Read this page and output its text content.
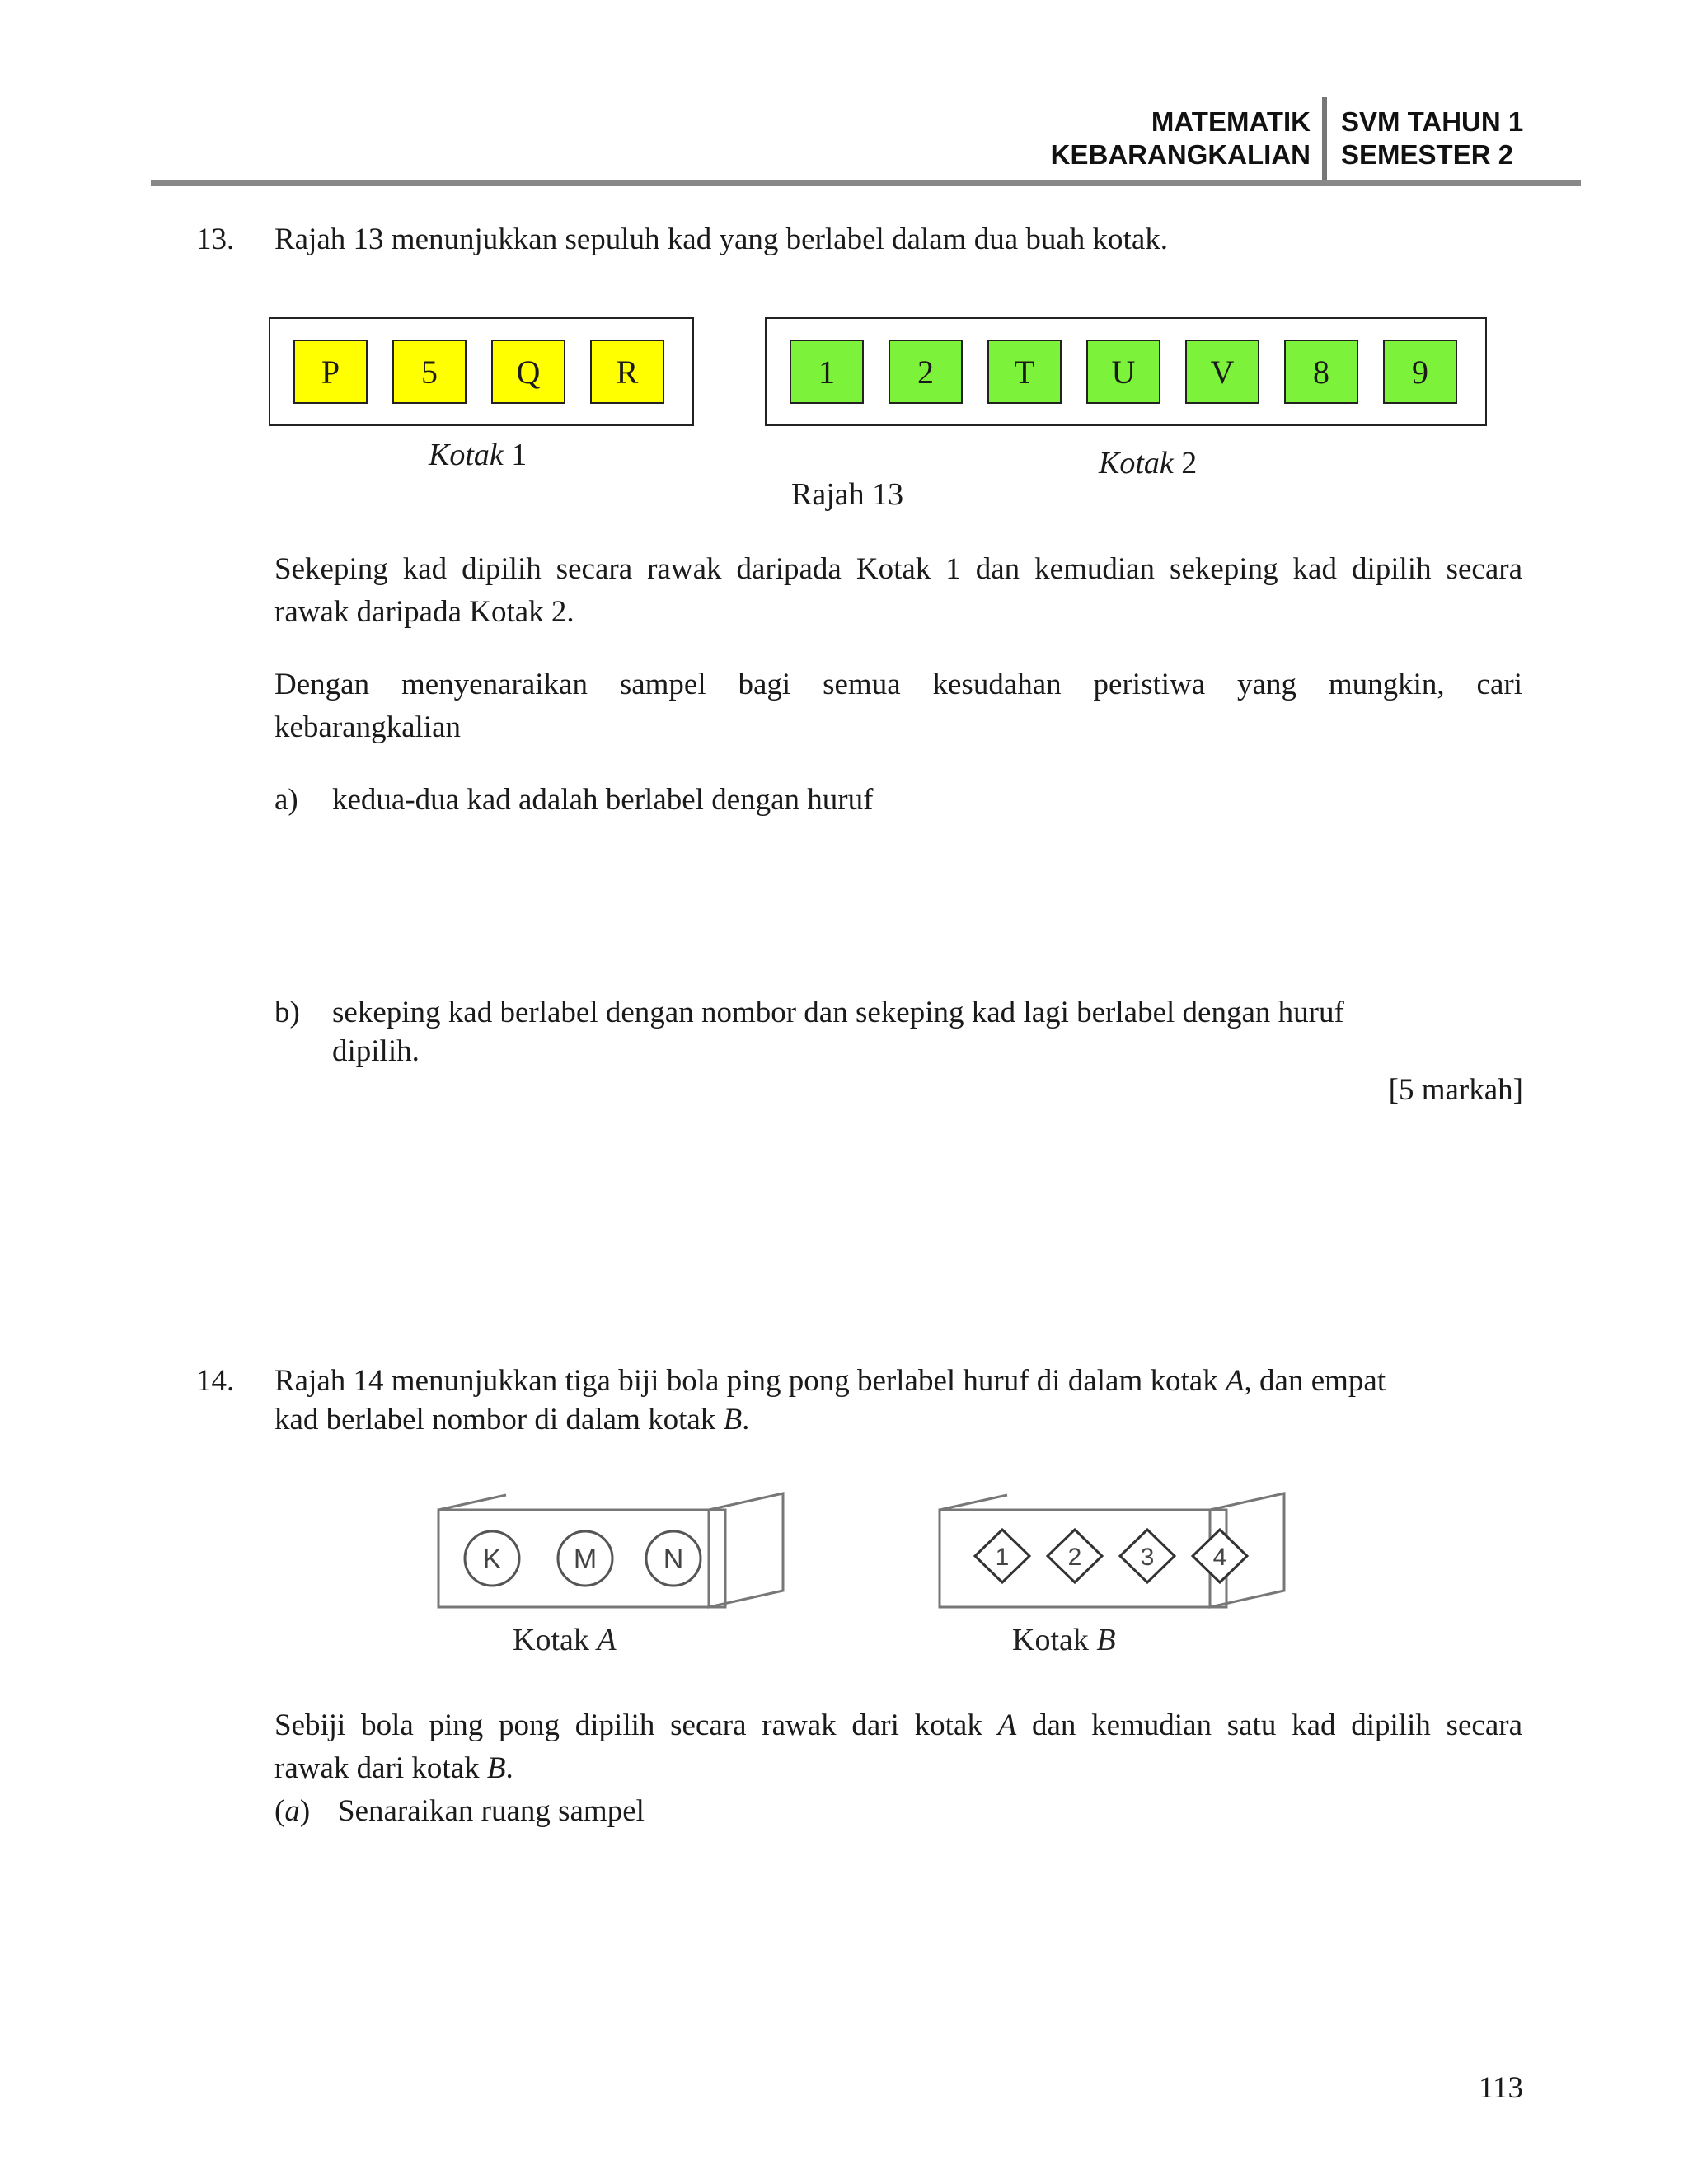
MATEMATIK
KEBARANGKALIAN
SVM TAHUN 1
SEMESTER 2
13. Rajah 13 menunjukkan sepuluh kad yang berlabel dalam dua buah kotak.
P	5	Q	R	1	2	T	U	V	8	9
Kotak 1	Kotak 2
Rajah 13
Sekeping kad dipilih secara rawak daripada Kotak 1 dan kemudian sekeping kad dipilih secara
rawak daripada Kotak 2.
Dengan menyenaraikan sampel bagi semua kesudahan peristiwa yang mungkin, cari
kebarangkalian
a) kedua-dua kad adalah berlabel dengan huruf
b) sekeping kad berlabel dengan nombor dan sekeping kad lagi berlabel dengan huruf
dipilih.
[5 markah]
14. Rajah 14 menunjukkan tiga biji bola ping pong berlabel huruf di dalam kotak A, dan empat
kad berlabel nombor di dalam kotak B.
K	M N
Kotak A
1 2 3 4
Kotak B
Sebiji bola ping pong dipilih secara rawak dari kotak A dan kemudian satu kad dipilih secara
rawak dari kotak B.
(a) Senaraikan ruang sampel
113
